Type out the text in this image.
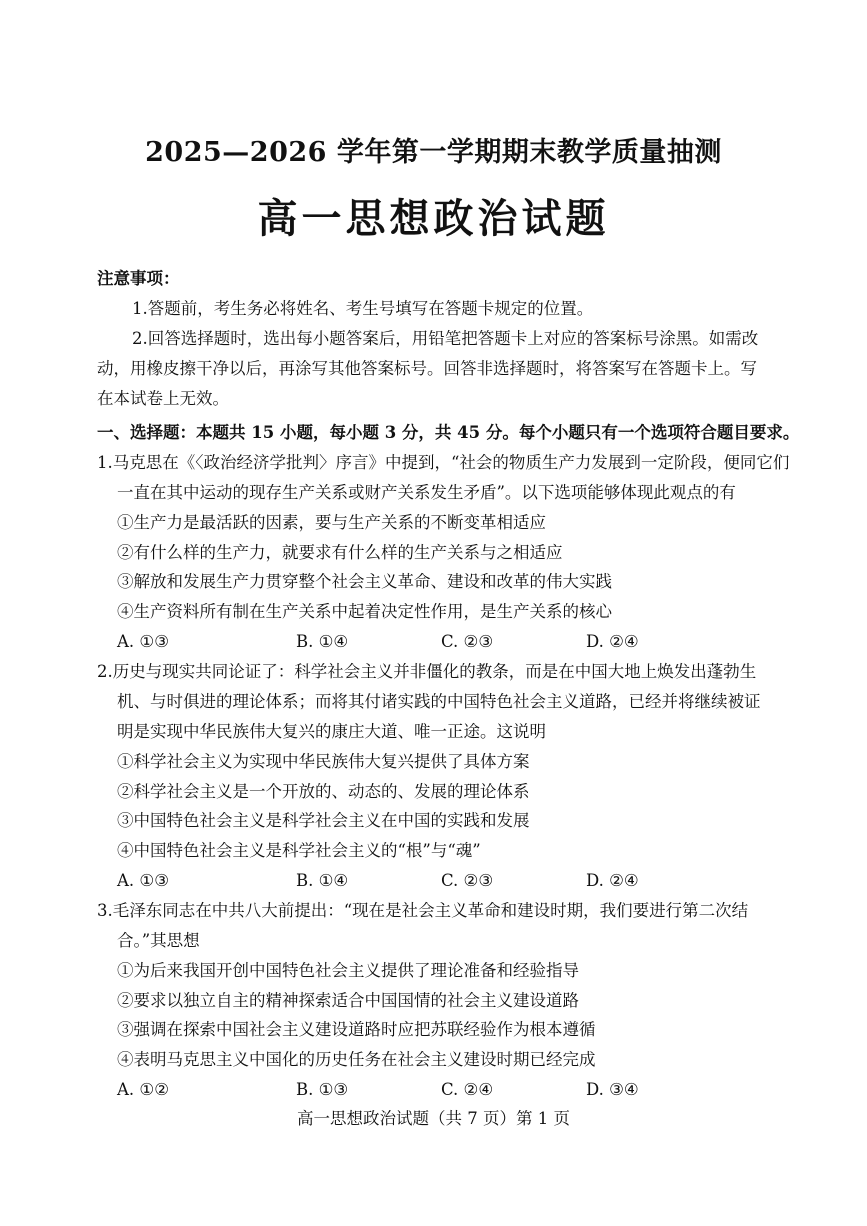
2025—2026 学年第一学期期末教学质量抽测
高一思想政治试题
注意事项：
1.答题前，考生务必将姓名、考生号填写在答题卡规定的位置。
2.回答选择题时，选出每小题答案后，用铅笔把答题卡上对应的答案标号涂黑。如需改
动，用橡皮擦干净以后，再涂写其他答案标号。回答非选择题时，将答案写在答题卡上。写
在本试卷上无效。
一、选择题：本题共 15 小题，每小题 3 分，共 45 分。每个小题只有一个选项符合题目要求。
1.马克思在《〈政治经济学批判〉序言》中提到，“社会的物质生产力发展到一定阶段，便同它们
一直在其中运动的现存生产关系或财产关系发生矛盾”。以下选项能够体现此观点的有
①生产力是最活跃的因素，要与生产关系的不断变革相适应
②有什么样的生产力，就要求有什么样的生产关系与之相适应
③解放和发展生产力贯穿整个社会主义革命、建设和改革的伟大实践
④生产资料所有制在生产关系中起着决定性作用，是生产关系的核心
A. ①③	B. ①④	C. ②③	D. ②④
2.历史与现实共同论证了：科学社会主义并非僵化的教条，而是在中国大地上焕发出蓬勃生
机、与时俱进的理论体系；而将其付诸实践的中国特色社会主义道路，已经并将继续被证
明是实现中华民族伟大复兴的康庄大道、唯一正途。这说明
①科学社会主义为实现中华民族伟大复兴提供了具体方案
②科学社会主义是一个开放的、动态的、发展的理论体系
③中国特色社会主义是科学社会主义在中国的实践和发展
④中国特色社会主义是科学社会主义的“根”与“魂”
A. ①③	B. ①④	C. ②③	D. ②④
3.毛泽东同志在中共八大前提出：“现在是社会主义革命和建设时期，我们要进行第二次结
合。”其思想
①为后来我国开创中国特色社会主义提供了理论准备和经验指导
②要求以独立自主的精神探索适合中国国情的社会主义建设道路
③强调在探索中国社会主义建设道路时应把苏联经验作为根本遵循
④表明马克思主义中国化的历史任务在社会主义建设时期已经完成
A. ①②	B. ①③	C. ②④	D. ③④
高一思想政治试题（共 7 页）第 1 页
